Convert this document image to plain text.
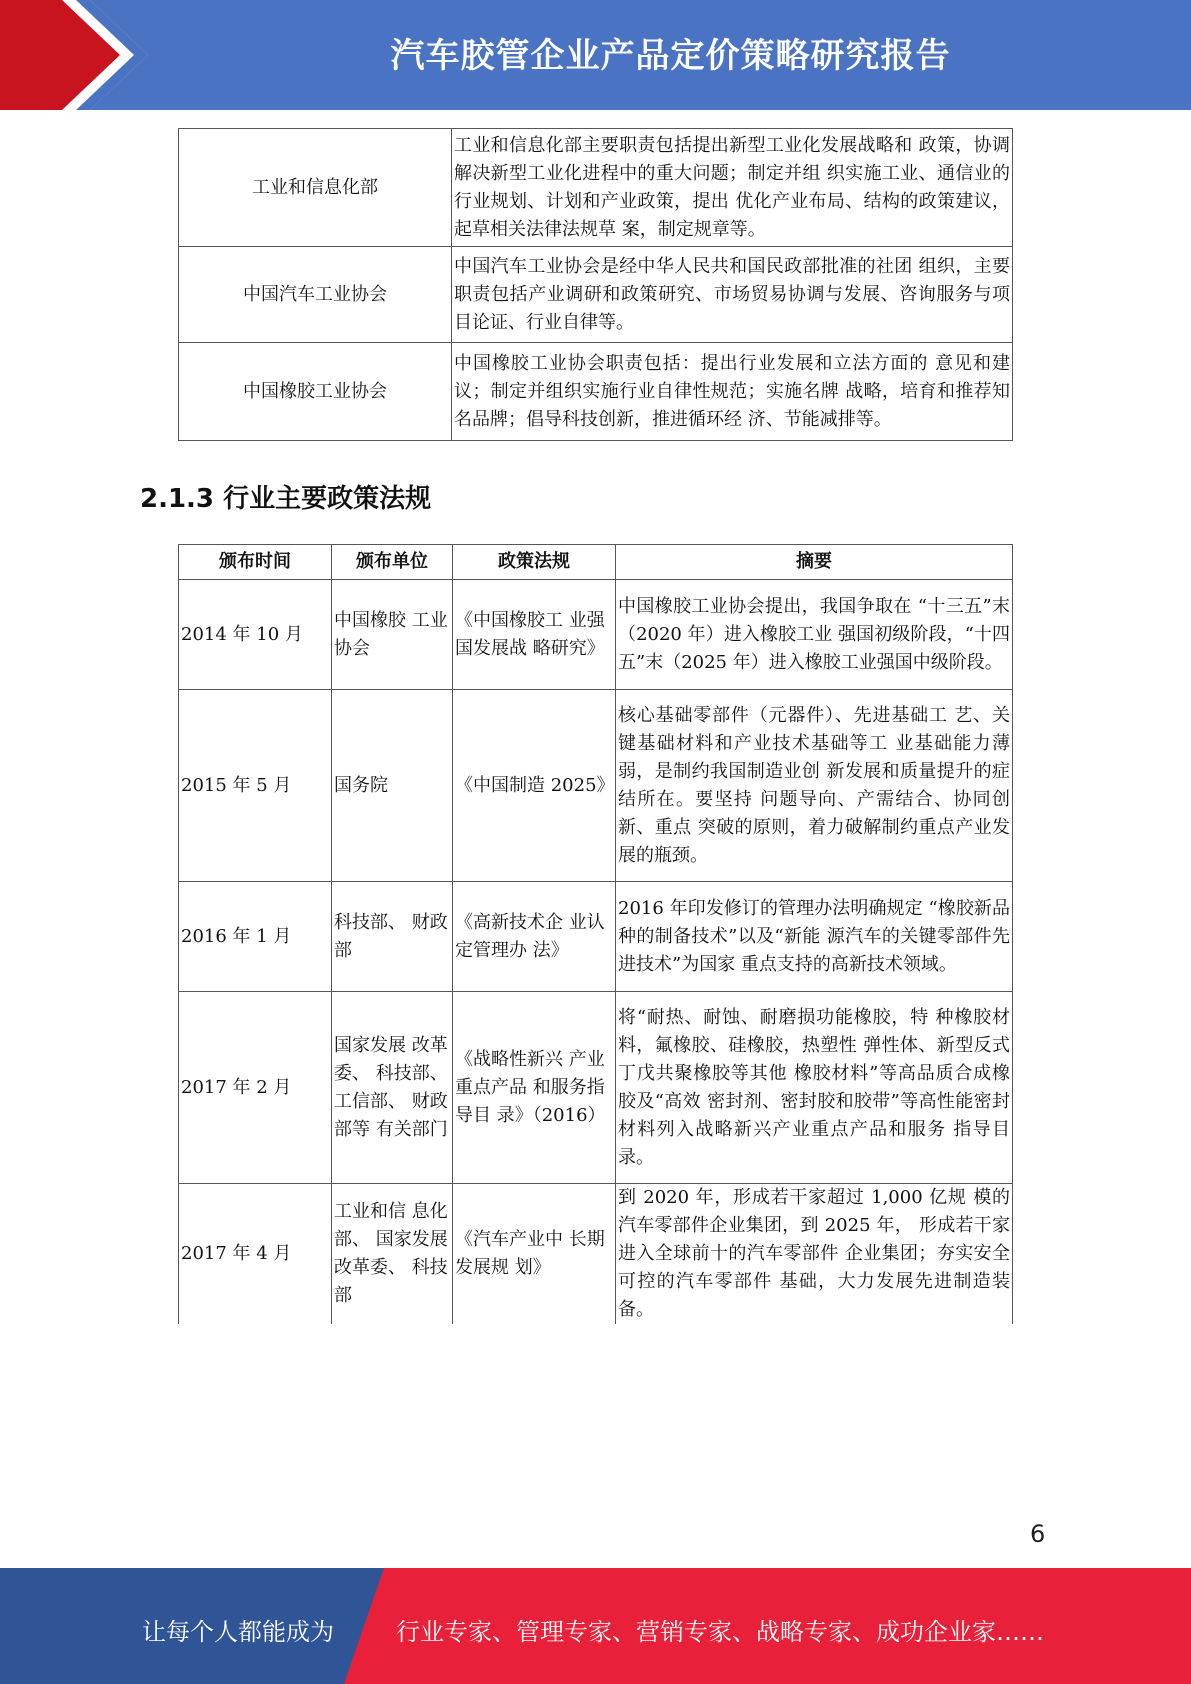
汽车胶管企业产品定价策略研究报告
工业和信息化部	工业和信息化部主要职责包括提出新型工业化发展战略和 政策，协调解决新型工业化进程中的重大问题；制定并组 织实施工业、通信业的行业规划、计划和产业政策，提出 优化产业布局、结构的政策建议，起草相关法律法规草 案，制定规章等。
中国汽车工业协会	中国汽车工业协会是经中华人民共和国民政部批准的社团 组织，主要职责包括产业调研和政策研究、市场贸易协调与发展、咨询服务与项目论证、行业自律等。
中国橡胶工业协会	中国橡胶工业协会职责包括：提出行业发展和立法方面的 意见和建议；制定并组织实施行业自律性规范；实施名牌 战略，培育和推荐知名品牌；倡导科技创新，推进循环经 济、节能减排等。
2.1.3 行业主要政策法规
颁布时间	颁布单位	政策法规	摘要
2014 年 10 月	中国橡胶 工业协会	《中国橡胶工 业强国发展战 略研究》	中国橡胶工业协会提出，我国争取在 “十三五”末（2020 年）进入橡胶工业 强国初级阶段，“十四五”末（2025 年）进入橡胶工业强国中级阶段。
2015 年 5 月	国务院	《中国制造 2025》	核心基础零部件（元器件）、先进基础工 艺、关键基础材料和产业技术基础等工 业基础能力薄弱，是制约我国制造业创 新发展和质量提升的症结所在。要坚持 问题导向、产需结合、协同创新、重点 突破的原则，着力破解制约重点产业发 展的瓶颈。
2016 年 1 月	科技部、 财政部	《高新技术企 业认定管理办 法》	2016 年印发修订的管理办法明确规定 “橡胶新品种的制备技术”以及“新能 源汽车的关键零部件先进技术”为国家 重点支持的高新技术领域。
2017 年 2 月	国家发展 改革委、 科技部、 工信部、 财政部等 有关部门	《战略性新兴 产业重点产品 和服务指导目 录》（2016）	将“耐热、耐蚀、耐磨损功能橡胶，特 种橡胶材料，氟橡胶、硅橡胶，热塑性 弹性体、新型反式丁戊共聚橡胶等其他 橡胶材料”等高品质合成橡胶及“高效 密封剂、密封胶和胶带”等高性能密封 材料列入战略新兴产业重点产品和服务 指导目录。
2017 年 4 月	工业和信 息化部、 国家发展 改革委、 科技部	《汽车产业中 长期发展规 划》	到 2020 年，形成若干家超过 1,000 亿规 模的汽车零部件企业集团，到 2025 年， 形成若干家进入全球前十的汽车零部件 企业集团；夯实安全可控的汽车零部件 基础，大力发展先进制造装备。
6
让每个人都能成为	行业专家、管理专家、营销专家、战略专家、成功企业家……
